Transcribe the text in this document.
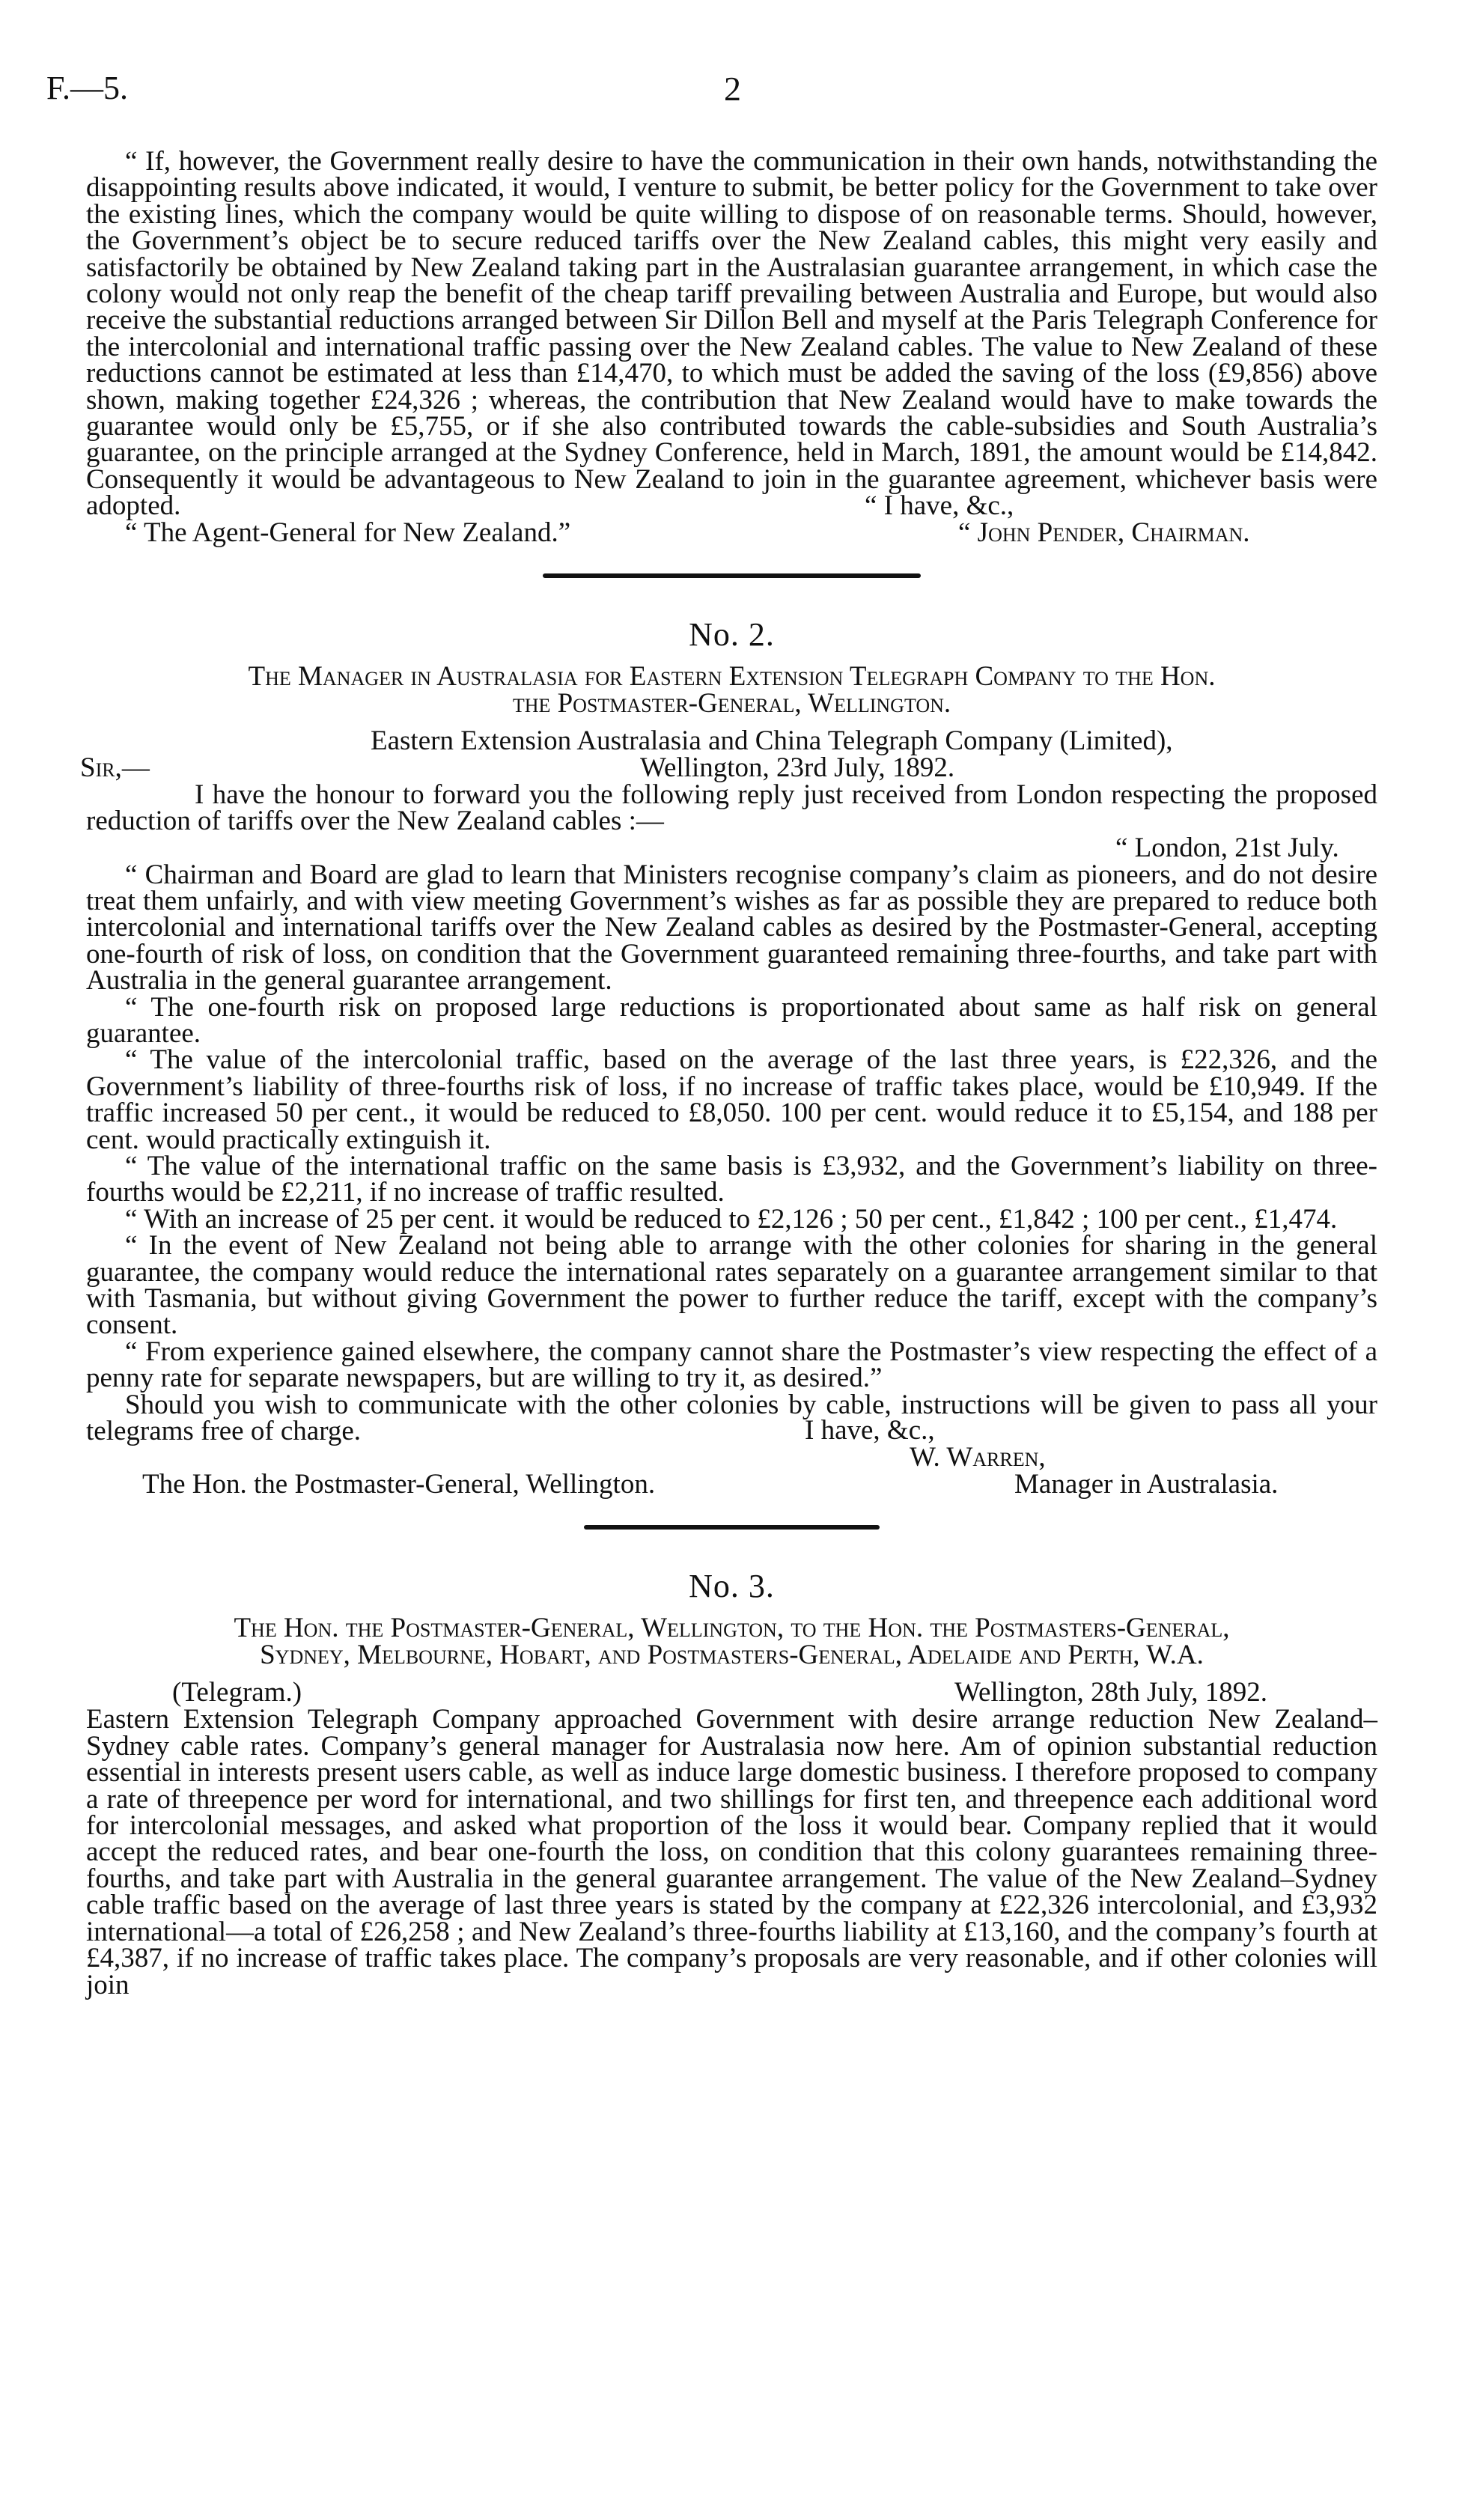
F.—5.	2

“ If, however, the Government really desire to have the communication in their own hands, notwithstanding the disappointing results above indicated, it would, I venture to submit, be better policy for the Government to take over the existing lines, which the company would be quite willing to dispose of on reasonable terms. Should, however, the Government’s object be to secure reduced tariffs over the New Zealand cables, this might very easily and satisfactorily be obtained by New Zealand taking part in the Australasian guarantee arrangement, in which case the colony would not only reap the benefit of the cheap tariff prevailing between Australia and Europe, but would also receive the substantial reductions arranged between Sir Dillon Bell and myself at the Paris Telegraph Conference for the intercolonial and international traffic passing over the New Zealand cables. The value to New Zealand of these reductions cannot be estimated at less than £14,470, to which must be added the saving of the loss (£9,856) above shown, making together £24,326 ; whereas, the contribution that New Zealand would have to make towards the guarantee would only be £5,755, or if she also contributed towards the cable-subsidies and South Australia’s guarantee, on the principle arranged at the Sydney Conference, held in March, 1891, the amount would be £14,842. Consequently it would be advantageous to New Zealand to join in the guarantee agreement, whichever basis were adopted.	“ I have, &c.,
“ The Agent-General for New Zealand.”	“ John Pender, Chairman.
No. 2.
The Manager in Australasia for Eastern Extension Telegraph Company to the Hon.
the Postmaster-General, Wellington.
Eastern Extension Australasia and China Telegraph Company (Limited),
Sir,—	Wellington, 23rd July, 1892.

I have the honour to forward you the following reply just received from London respecting the proposed reduction of tariffs over the New Zealand cables :—

“ London, 21st July.

“ Chairman and Board are glad to learn that Ministers recognise company’s claim as pioneers, and do not desire treat them unfairly, and with view meeting Government’s wishes as far as possible they are prepared to reduce both intercolonial and international tariffs over the New Zealand cables as desired by the Postmaster-General, accepting one-fourth of risk of loss, on condition that the Government guaranteed remaining three-fourths, and take part with Australia in the general guarantee arrangement.

“ The one-fourth risk on proposed large reductions is proportionated about same as half risk on general guarantee.

“ The value of the intercolonial traffic, based on the average of the last three years, is £22,326, and the Government’s liability of three-fourths risk of loss, if no increase of traffic takes place, would be £10,949. If the traffic increased 50 per cent., it would be reduced to £8,050. 100 per cent. would reduce it to £5,154, and 188 per cent. would practically extinguish it.

“ The value of the international traffic on the same basis is £3,932, and the Government’s liability on three-fourths would be £2,211, if no increase of traffic resulted.

“ With an increase of 25 per cent. it would be reduced to £2,126 ; 50 per cent., £1,842 ; 100 per cent., £1,474.

“ In the event of New Zealand not being able to arrange with the other colonies for sharing in the general guarantee, the company would reduce the international rates separately on a guarantee arrangement similar to that with Tasmania, but without giving Government the power to further reduce the tariff, except with the company’s consent.

“ From experience gained elsewhere, the company cannot share the Postmaster’s view respecting the effect of a penny rate for separate newspapers, but are willing to try it, as desired.”

Should you wish to communicate with the other colonies by cable, instructions will be given to pass all your telegrams free of charge.	I have, &c.,
W. Warren,
The Hon. the Postmaster-General, Wellington.	Manager in Australasia.
No. 3.
The Hon. the Postmaster-General, Wellington, to the Hon. the Postmasters-General,
Sydney, Melbourne, Hobart, and Postmasters-General, Adelaide and Perth, W.A.
(Telegram.)	Wellington, 28th July, 1892.

Eastern Extension Telegraph Company approached Government with desire arrange reduction New Zealand–Sydney cable rates. Company’s general manager for Australasia now here. Am of opinion substantial reduction essential in interests present users cable, as well as induce large domestic business. I therefore proposed to company a rate of threepence per word for international, and two shillings for first ten, and threepence each additional word for intercolonial messages, and asked what proportion of the loss it would bear. Company replied that it would accept the reduced rates, and bear one-fourth the loss, on condition that this colony guarantees remaining three-fourths, and take part with Australia in the general guarantee arrangement. The value of the New Zealand–Sydney cable traffic based on the average of last three years is stated by the company at £22,326 intercolonial, and £3,932 international—a total of £26,258 ; and New Zealand’s three-fourths liability at £13,160, and the company’s fourth at £4,387, if no increase of traffic takes place. The company’s proposals are very reasonable, and if other colonies will join
